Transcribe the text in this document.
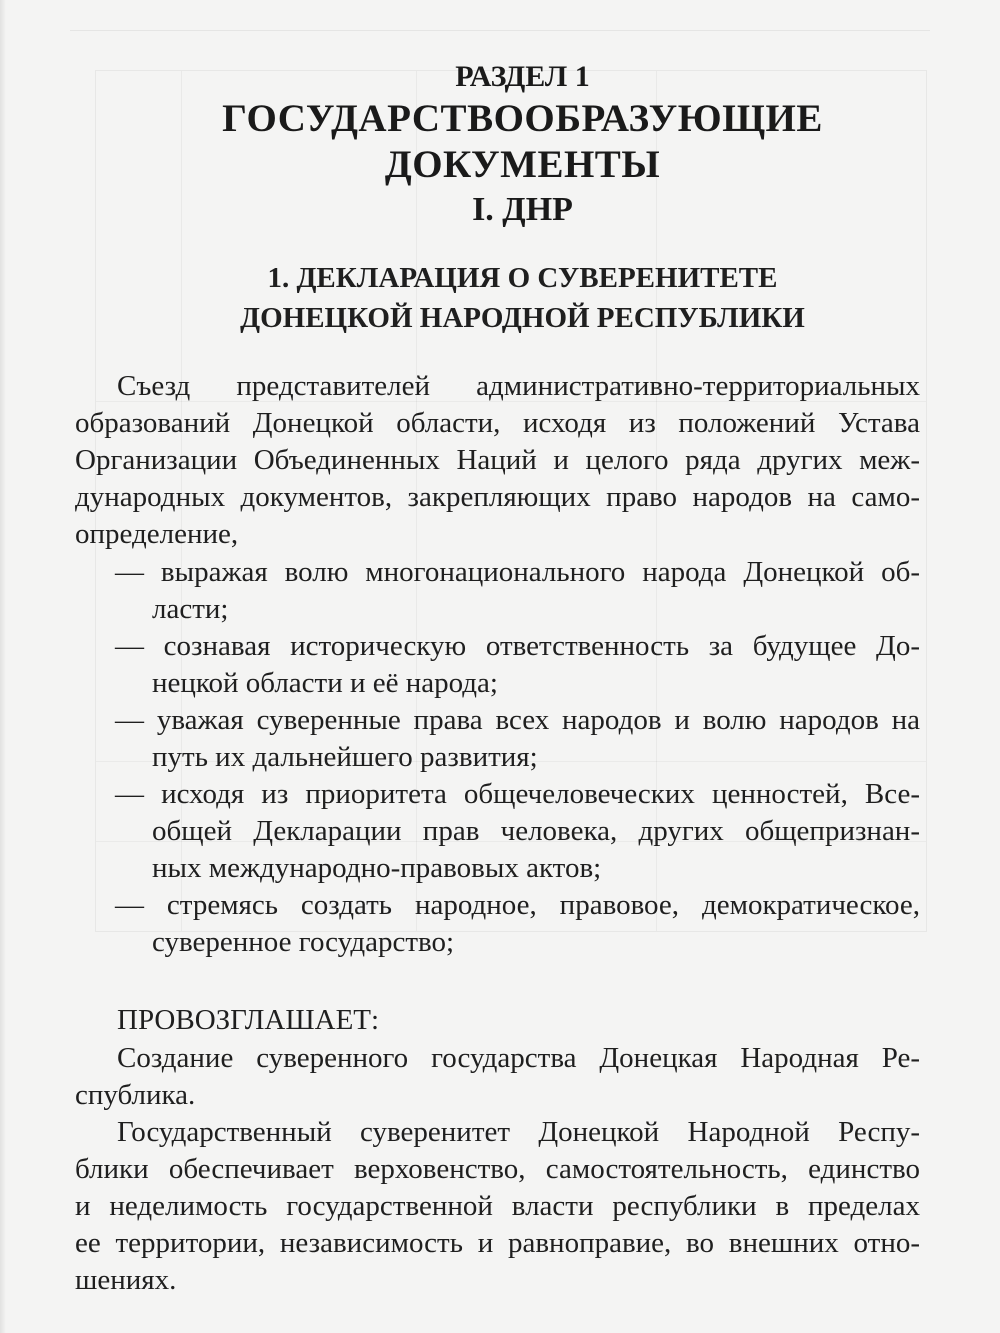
РАЗДЕЛ 1
ГОСУДАРСТВООБРАЗУЮЩИЕ
ДОКУМЕНТЫ
I. ДНР
1. ДЕКЛАРАЦИЯ О СУВЕРЕНИТЕТЕ
ДОНЕЦКОЙ НАРОДНОЙ РЕСПУБЛИКИ
Съезд представителей административно-территориальных
образований Донецкой области, исходя из положений Устава
Организации Объединенных Наций и целого ряда других меж-
дународных документов, закрепляющих право народов на само-
определение,
— выражая волю многонационального народа Донецкой об-
ласти;
— сознавая историческую ответственность за будущее До-
нецкой области и её народа;
— уважая суверенные права всех народов и волю народов на
путь их дальнейшего развития;
— исходя из приоритета общечеловеческих ценностей, Все-
общей Декларации прав человека, других общепризнан-
ных международно-правовых актов;
— стремясь создать народное, правовое, демократическое,
суверенное государство;
ПРОВОЗГЛАШАЕТ:
Создание суверенного государства Донецкая Народная Ре-
спублика.
Государственный суверенитет Донецкой Народной Респу-
блики обеспечивает верховенство, самостоятельность, единство
и неделимость государственной власти республики в пределах
ее территории, независимость и равноправие, во внешних отно-
шениях.
